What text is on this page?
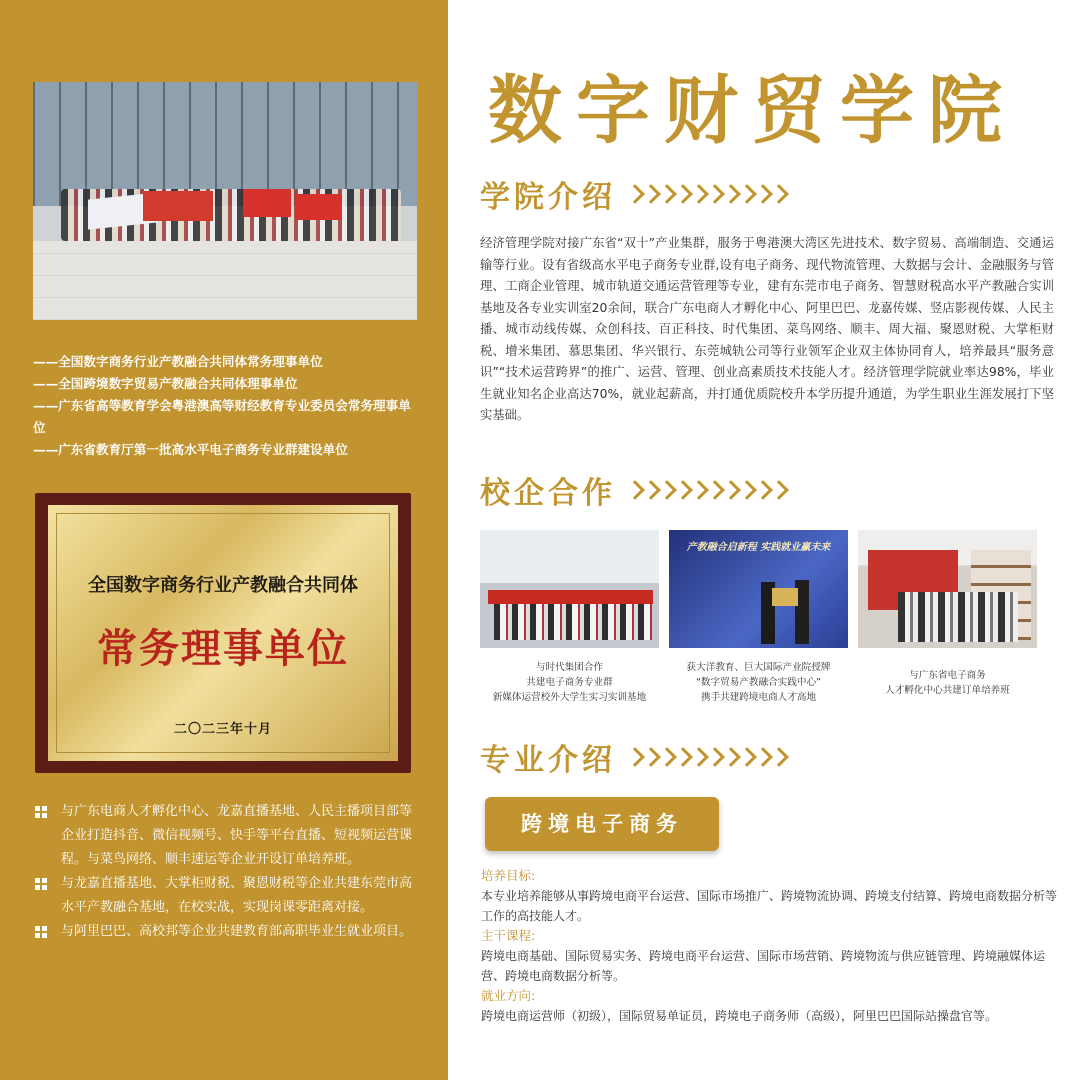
——全国数字商务行业产教融合共同体常务理事单位
——全国跨境数字贸易产教融合共同体理事单位
——广东省高等教育学会粤港澳高等财经教育专业委员会常务理事单位
——广东省教育厅第一批高水平电子商务专业群建设单位
全国数字商务行业产教融合共同体
常务理事单位
二〇二三年十月
与广东电商人才孵化中心、龙嘉直播基地、人民主播项目部等企业打造抖音、微信视频号、快手等平台直播、短视频运营课程。与菜鸟网络、顺丰速运等企业开设订单培养班。
与龙嘉直播基地、大掌柜财税、聚恩财税等企业共建东莞市高水平产教融合基地，在校实战，实现岗课零距离对接。
与阿里巴巴、高校邦等企业共建教育部高职毕业生就业项目。
数字财贸学院
学院介绍
经济管理学院对接广东省“双十”产业集群，服务于粤港澳大湾区先进技术、数字贸易、高端制造、交通运输等行业。设有省级高水平电子商务专业群,设有电子商务、现代物流管理、大数据与会计、金融服务与管理、工商企业管理、城市轨道交通运营管理等专业，建有东莞市电子商务、智慧财税高水平产教融合实训基地及各专业实训室20余间，联合广东电商人才孵化中心、阿里巴巴、龙嘉传媒、竖店影视传媒、人民主播、城市动线传媒、众创科技、百正科技、时代集团、菜鸟网络、顺丰、周大福、聚恩财税、大掌柜财税、增米集团、慕思集团、华兴银行、东莞城轨公司等行业领军企业双主体协同育人，培养最具“服务意识”“技术运营跨界”的推广、运营、管理、创业高素质技术技能人才。经济管理学院就业率达98%，毕业生就业知名企业高达70%，就业起薪高，并打通优质院校升本学历提升通道，为学生职业生涯发展打下坚实基础。
校企合作
产教融合启新程 实践就业赢未来
与时代集团合作
共建电子商务专业群
新媒体运营校外大学生实习实训基地
获大洋教育、巨大国际产业院授牌
“数字贸易产教融合实践中心”
携手共建跨境电商人才高地
与广东省电子商务
人才孵化中心共建订单培养班
专业介绍
跨境电子商务
培养目标:
本专业培养能够从事跨境电商平台运营、国际市场推广、跨境物流协调、跨境支付结算、跨境电商数据分析等工作的高技能人才。
主干课程:
跨境电商基础、国际贸易实务、跨境电商平台运营、国际市场营销、跨境物流与供应链管理、跨境融媒体运营、跨境电商数据分析等。
就业方向:
跨境电商运营师（初级），国际贸易单证员，跨境电子商务师（高级），阿里巴巴国际站操盘官等。
